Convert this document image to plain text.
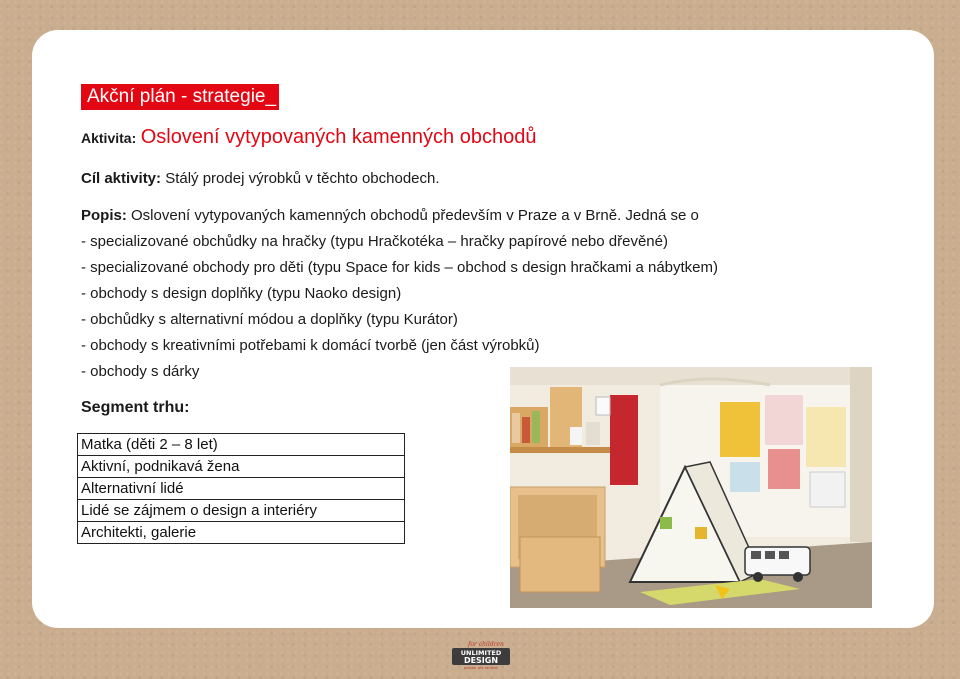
Akční plán - strategie_
Aktivita: Oslovení vytypovaných kamenných obchodů
Cíl aktivity: Stálý prodej výrobků v těchto obchodech.
Popis: Oslovení vytypovaných kamenných obchodů především v Praze a v Brně. Jedná se o
- specializované obchůdky na hračky (typu Hračkotéka – hračky papírové nebo dřevěné)
- specializované obchody pro děti (typu Space for kids – obchod s design hračkami a nábytkem)
- obchody s design doplňky (typu Naoko design)
- obchůdky s alternativní módou a doplňky (typu Kurátor)
- obchody s kreativními potřebami k domácí tvorbě (jen část výrobků)
- obchody s dárky
Segment trhu:
Matka (děti 2 – 8 let)
Aktivní, podnikavá žena
Alternativní lidé
Lidé se zájmem o design a interiéry
Architekti, galerie
for children
UNLIMITED
DESIGN
prostor pro fantazii
